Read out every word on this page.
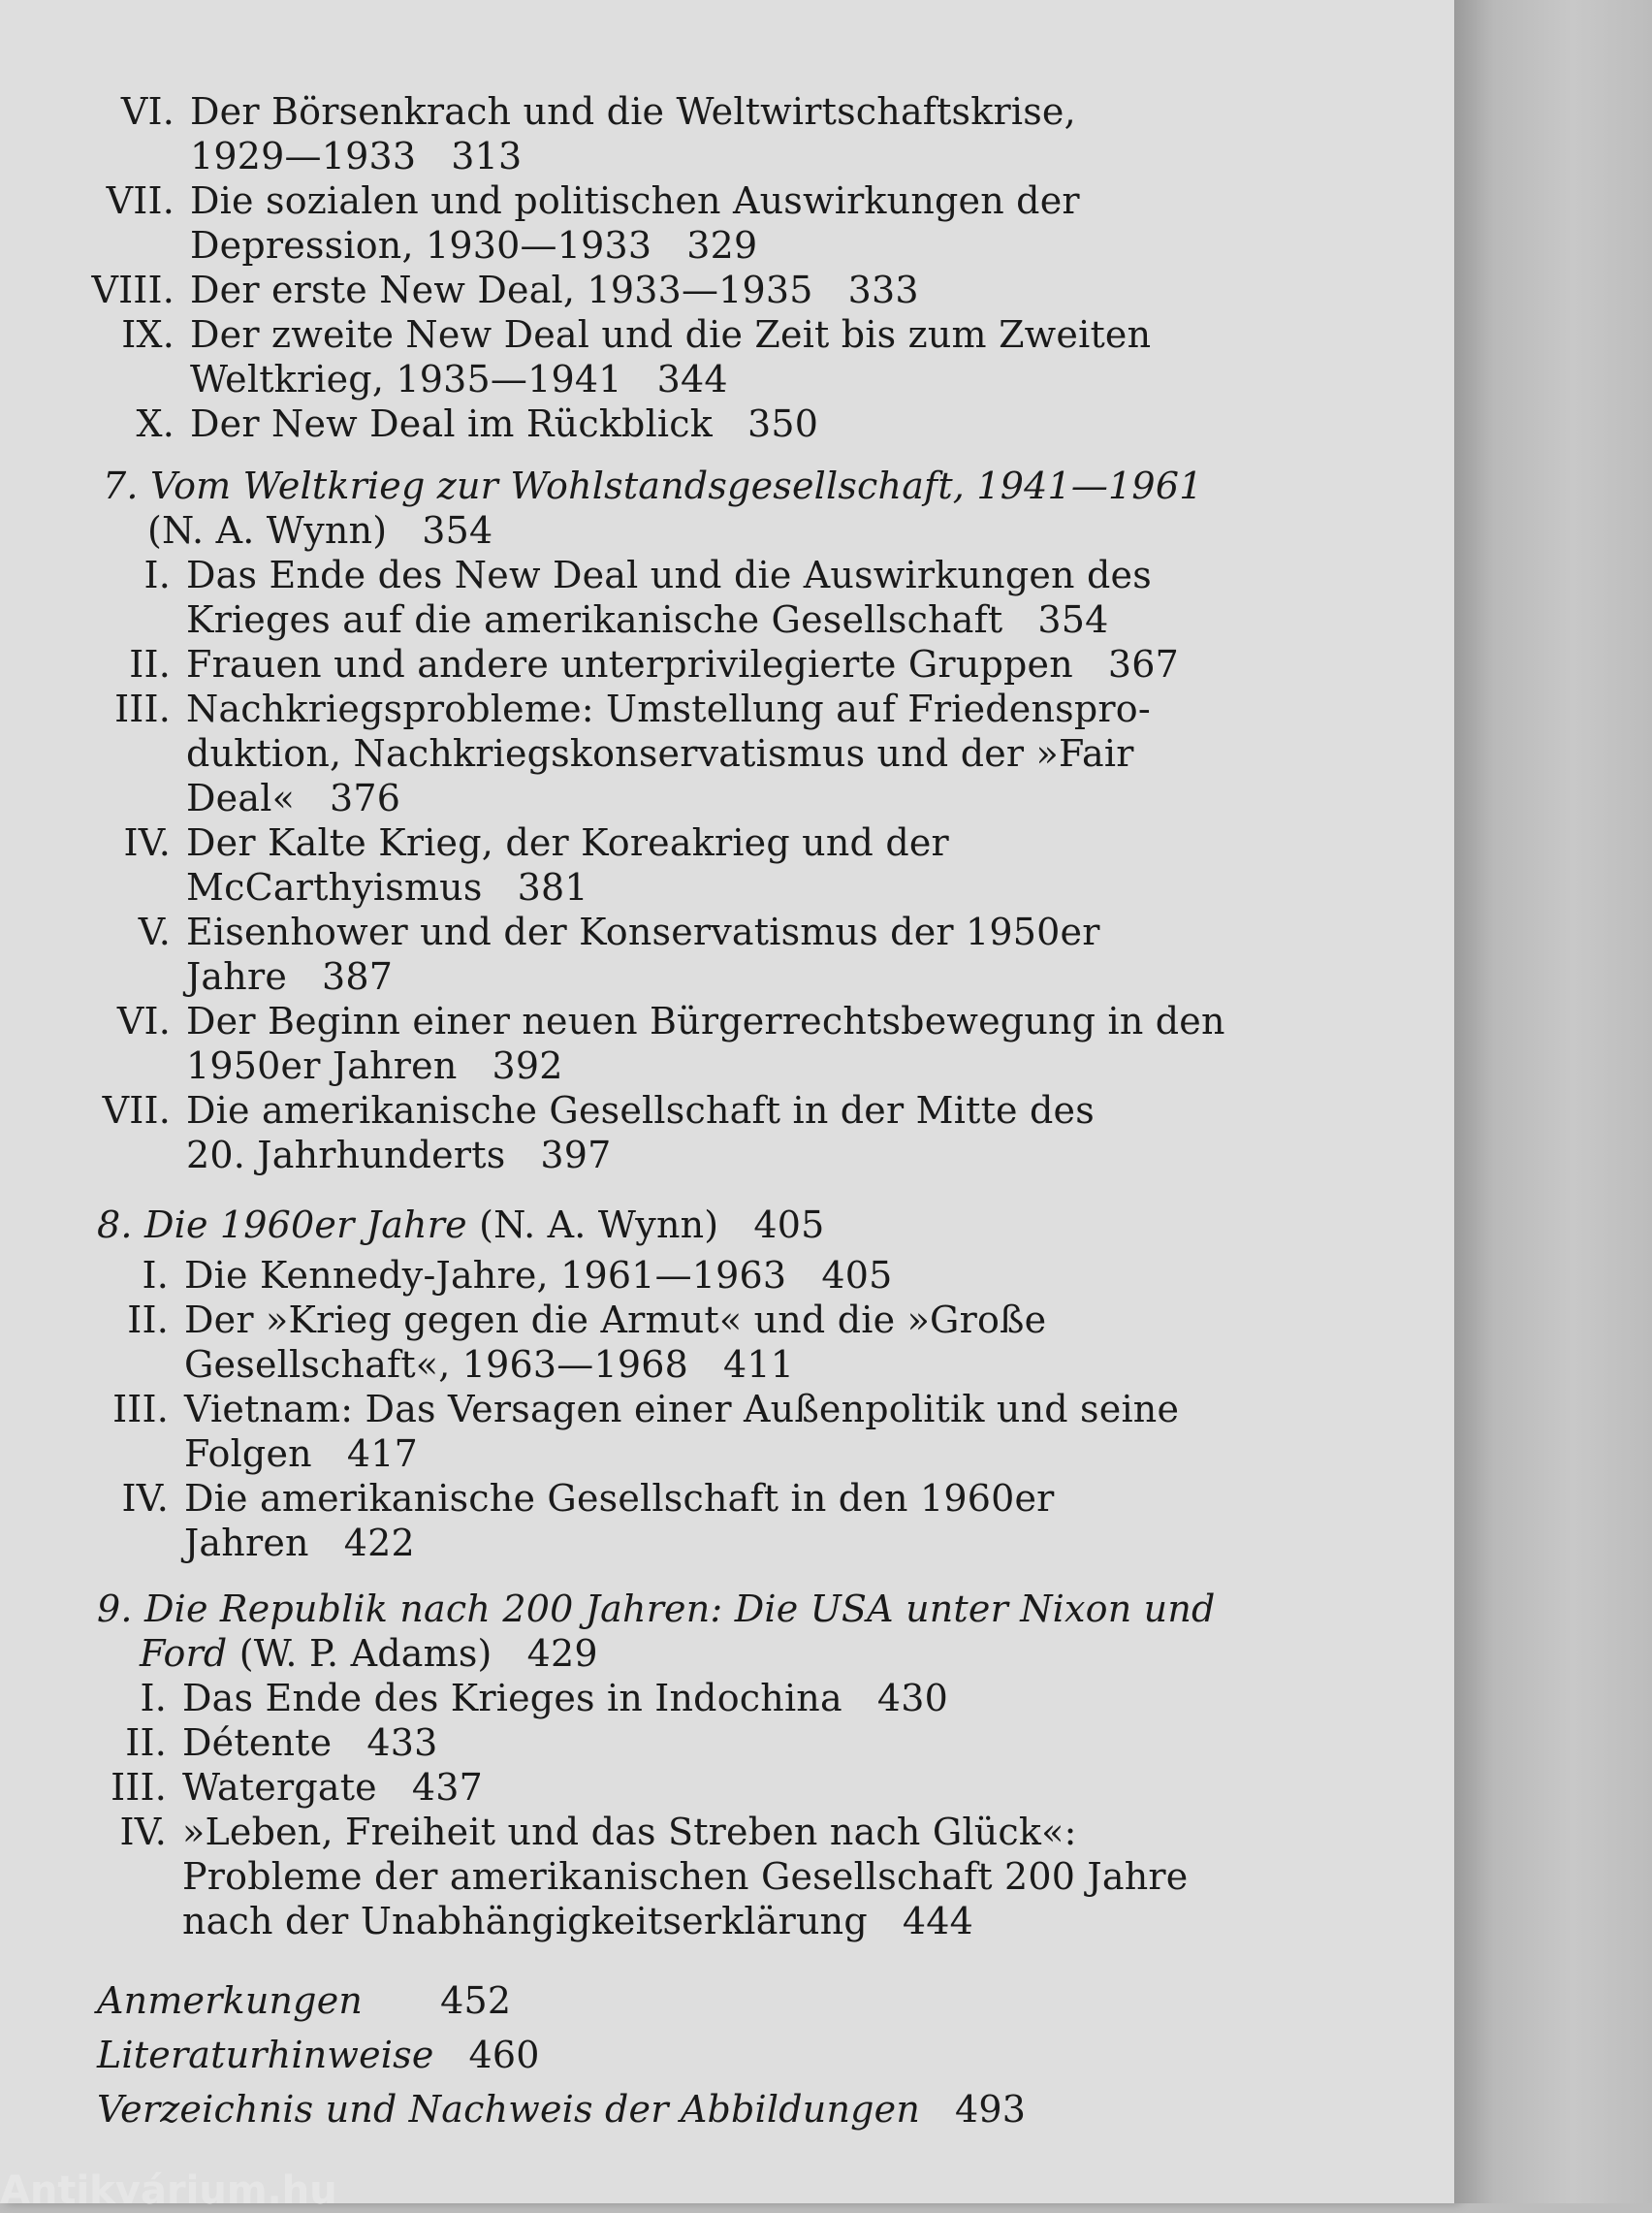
VI. Der Börsenkrach und die Weltwirtschaftskrise,
1929—1933 313
VII. Die sozialen und politischen Auswirkungen der
Depression, 1930—1933 329
VIII. Der erste New Deal, 1933—1935 333
IX. Der zweite New Deal und die Zeit bis zum Zweiten
Weltkrieg, 1935—1941 344
X. Der New Deal im Rückblick 350
7. Vom Weltkrieg zur Wohlstandsgesellschaft, 1941—1961
(N. A. Wynn) 354
I. Das Ende des New Deal und die Auswirkungen des
Krieges auf die amerikanische Gesellschaft 354
II. Frauen und andere unterprivilegierte Gruppen 367
III. Nachkriegsprobleme: Umstellung auf Friedenspro-
duktion, Nachkriegskonservatismus und der »Fair
Deal« 376
IV. Der Kalte Krieg, der Koreakrieg und der
McCarthyismus 381
V. Eisenhower und der Konservatismus der 1950er
Jahre 387
VI. Der Beginn einer neuen Bürgerrechtsbewegung in den
1950er Jahren 392
VII. Die amerikanische Gesellschaft in der Mitte des
20. Jahrhunderts 397
8. Die 1960er Jahre (N. A. Wynn) 405
I. Die Kennedy-Jahre, 1961—1963 405
II. Der »Krieg gegen die Armut« und die »Große
Gesellschaft«, 1963—1968 411
III. Vietnam: Das Versagen einer Außenpolitik und seine
Folgen 417
IV. Die amerikanische Gesellschaft in den 1960er
Jahren 422
9. Die Republik nach 200 Jahren: Die USA unter Nixon und
Ford (W. P. Adams) 429
I. Das Ende des Krieges in Indochina 430
II. Détente 433
III. Watergate 437
IV. »Leben, Freiheit und das Streben nach Glück«:
Probleme der amerikanischen Gesellschaft 200 Jahre
nach der Unabhängigkeitserklärung 444
Anmerkungen 452
Literaturhinweise 460
Verzeichnis und Nachweis der Abbildungen 493
Antikvárium.hu
